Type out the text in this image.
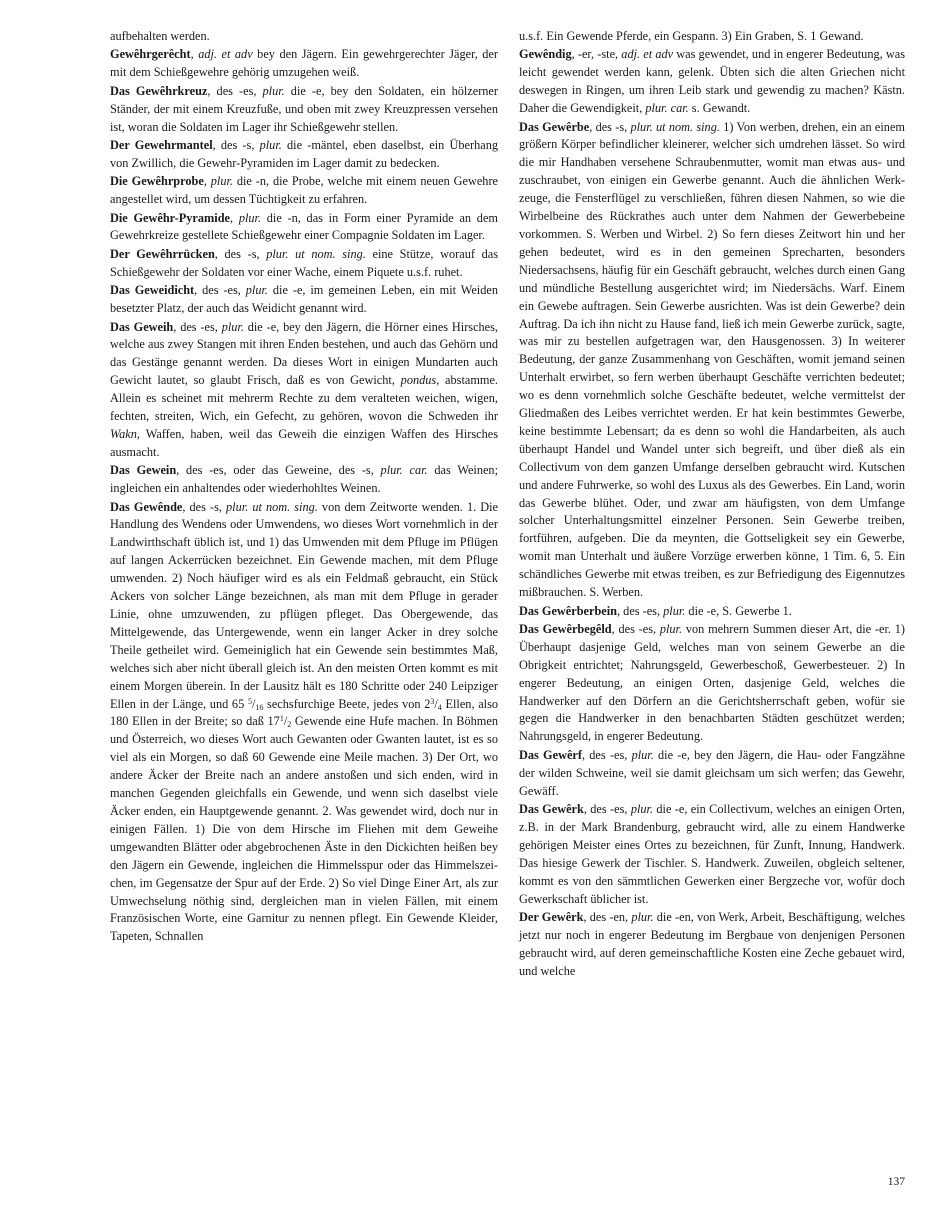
aufbehalten werden.

Gewêhrgerêcht, adj. et adv bey den Jägern. Ein gewehrgerechter Jäger, der mit dem Schießgewehre gehörig umzugehen weiß.

Das Gewêhrkreuz, des -es, plur. die -e, bey den Soldaten, ein hölzerner Ständer, der mit einem Kreuzfuße, und oben mit zwey Kreuzpressen versehen ist, woran die Soldaten im Lager ihr Schießgewehr stellen.

Der Gewehrmantel, des -s, plur. die -mäntel, eben daselbst, ein Überhang von Zwillich, die Gewehr-Pyramiden im Lager damit zu bedecken.

Die Gewêhrprobe, plur. die -n, die Probe, welche mit einem neuen Gewehre angestellet wird, um dessen Tüchtigkeit zu erfahren.

Die Gewêhr-Pyramide, plur. die -n, das in Form einer Pyramide an dem Gewehrkreize gestellete Schießgewehr einer Compagnie Soldaten im Lager.

Der Gewêhrrücken, des -s, plur. ut nom. sing. eine Stütze, worauf das Schießgewehr der Soldaten vor einer Wache, einem Piquete u.s.f. ruhet.

Das Geweidicht, des -es, plur. die -e, im gemeinen Leben, ein mit Weiden besetzter Platz, der auch das Weidicht genannt wird.

Das Geweih, des -es, plur. die -e, bey den Jägern, die Hörner eines Hirsches, welche aus zwey Stangen mit ihren Enden bestehen, und auch das Gehörn und das Gestänge genannt werden. Da dieses Wort in einigen Mundarten auch Gewicht lautet, so glaubt Frisch, daß es von Gewicht, pondus, abstamme. Allein es scheinet mit mehrerm Rechte zu dem veralteten weichen, wigen, fechten, streiten, Wich, ein Gefecht, zu gehören, wovon die Schweden ihr Wakn, Waffen, haben, weil das Geweih die einzigen Waffen des Hirsches ausmacht.

Das Gewein, des -es, oder das Geweine, des -s, plur. car. das Weinen; ingleichen ein anhaltendes oder wiederhohltes Weinen.

Das Gewênde, des -s, plur. ut nom. sing. von dem Zeitworte wenden. 1. Die Handlung des Wendens oder Umwendens, wo dieses Wort vornehmlich in der Landwirthschaft üblich ist, und 1) das Umwenden mit dem Pfluge im Pflügen auf langen Ackerrücken bezeichnet. Ein Gewende machen, mit dem Pfluge umwenden. 2) Noch häufiger wird es als ein Feldmaß gebraucht, ein Stück Ackers von solcher Länge bezeichnen, als man mit dem Pfluge in gerader Linie, ohne umzuwenden, zu pflügen pfleget. Das Obergewende, das Mittelgewende, das Untergewende, wenn ein langer Acker in drey solche Theile getheilet wird. Gemeiniglich hat ein Gewende sein bestimmtes Maß, welches sich aber nicht überall gleich ist. An den meisten Orten kommt es mit einem Morgen überein. In der Lausitz hält es 180 Schritte oder 240 Leipziger Ellen in der Länge, und 65 $^5/_{16}$ sechsfurchige Beete, jedes von $2^3/_4$ Ellen, also 180 Ellen in der Breite; so daß $17^1/_2$ Gewende eine Hufe machen. In Böhmen und Österreich, wo dieses Wort auch Gewanten oder Gwanten lautet, ist es so viel als ein Morgen, so daß 60 Gewende eine Meile machen. 3) Der Ort, wo andere Äcker der Breite nach an andere anstoßen und sich enden, wird in manchen Gegenden gleichfalls ein Gewende, und wenn sich daselbst viele Äcker enden, ein Hauptgewende genannt. 2. Was gewendet wird, doch nur in einigen Fällen. 1) Die von dem Hirsche im Fliehen mit dem Geweihe umgewandten Blätter oder abgebrochenen Äste in den Dickichten heißen bey den Jägern ein Gewende, ingleichen die Himmelsspur oder das Himmelszeichen, im Gegensatze der Spur auf der Erde. 2) So viel Dinge Einer Art, als zur Umwechselung nöthig sind, dergleichen man in vielen Fällen, mit einem Französischen Worte, eine Garnitur zu nennen pflegt. Ein Gewende Kleider, Tapeten, Schnallen

u.s.f. Ein Gewende Pferde, ein Gespann. 3) Ein Graben, S. 1 Gewand.

Gewêndig, -er, -ste, adj. et adv was gewendet, und in engerer Bedeutung, was leicht gewendet werden kann, gelenk. Übten sich die alten Griechen nicht deswegen in Ringen, um ihren Leib stark und gewendig zu machen? Kästn. Daher die Gewendigkeit, plur. car. s. Gewandt.

Das Gewêrbe, des -s, plur. ut nom. sing. 1) Von werben, drehen, ein an einem größern Körper befindlicher kleinerer, welcher sich umdrehen lässet. So wird die mir Handhaben versehene Schraubenmutter, womit man etwas aus- und zuschraubet, von einigen ein Gewerbe genannt. Auch die ähnlichen Werkzeuge, die Fensterflügel zu verschließen, führen diesen Nahmen, so wie die Wirbelbeine des Rückrathes auch unter dem Nahmen der Gewerbebeine vorkommen. S. Werben und Wirbel. 2) So fern dieses Zeitwort hin und her gehen bedeutet, wird es in den gemeinen Sprecharten, besonders Niedersachsens, häufig für ein Geschäft gebraucht, welches durch einen Gang und mündliche Bestellung ausgerichtet wird; im Niedersächs. Warf. Einem ein Gewebe auftragen. Sein Gewerbe ausrichten. Was ist dein Gewerbe? dein Auftrag. Da ich ihn nicht zu Hause fand, ließ ich mein Gewerbe zurück, sagte, was mir zu bestellen aufgetragen war, den Hausgenossen. 3) In weiterer Bedeutung, der ganze Zusammenhang von Geschäften, womit jemand seinen Unterhalt erwirbet, so fern werben überhaupt Geschäfte verrichten bedeutet; wo es denn vornehmlich solche Geschäfte bedeutet, welche vermittelst der Gliedmaßen des Leibes verrichtet werden. Er hat kein bestimmtes Gewerbe, keine bestimmte Lebensart; da es denn so wohl die Handarbeiten, als auch überhaupt Handel und Wandel unter sich begreift, und über dieß als ein Collectivum von dem ganzen Umfange derselben gebraucht wird. Kutschen und andere Fuhrwerke, so wohl des Luxus als des Gewerbes. Ein Land, worin das Gewerbe blühet. Oder, und zwar am häufigsten, von dem Umfange solcher Unterhaltungsmittel einzelner Personen. Sein Gewerbe treiben, fortführen, aufgeben. Die da meynten, die Gottseligkeit sey ein Gewerbe, womit man Unterhalt und äußere Vorzüge erwerben könne, 1 Tim. 6, 5. Ein schändliches Gewerbe mit etwas treiben, es zur Befriedigung des Eigennutzes mißbrauchen. S. Werben.

Das Gewêrberbein, des -es, plur. die -e, S. Gewerbe 1.

Das Gewêrbegêld, des -es, plur. von mehrern Summen dieser Art, die -er. 1) Überhaupt dasjenige Geld, welches man von seinem Gewerbe an die Obrigkeit entrichtet; Nahrungsgeld, Gewerbeschoß, Gewerbesteuer. 2) In engerer Bedeutung, an einigen Orten, dasjenige Geld, welches die Handwerker auf den Dörfern an die Gerichtsherrschaft geben, wofür sie gegen die Handwerker in den benachbarten Städten geschützet werden; Nahrungsgeld, in engerer Bedeutung.

Das Gewêrf, des -es, plur. die -e, bey den Jägern, die Hau- oder Fangzähne der wilden Schweine, weil sie damit gleichsam um sich werfen; das Gewehr, Gewäff.

Das Gewêrk, des -es, plur. die -e, ein Collectivum, welches an einigen Orten, z.B. in der Mark Brandenburg, gebraucht wird, alle zu einem Handwerke gehörigen Meister eines Ortes zu bezeichnen, für Zunft, Innung, Handwerk. Das hiesige Gewerk der Tischler. S. Handwerk. Zuweilen, obgleich seltener, kommt es von den sämmtlichen Gewerken einer Bergzeche vor, wofür doch Gewerkschaft üblicher ist.

Der Gewêrk, des -en, plur. die -en, von Werk, Arbeit, Beschäftigung, welches jetzt nur noch in engerer Bedeutung im Bergbaue von denjenigen Personen gebraucht wird, auf deren gemeinschaftliche Kosten eine Zeche gebauet wird, und welche

137
